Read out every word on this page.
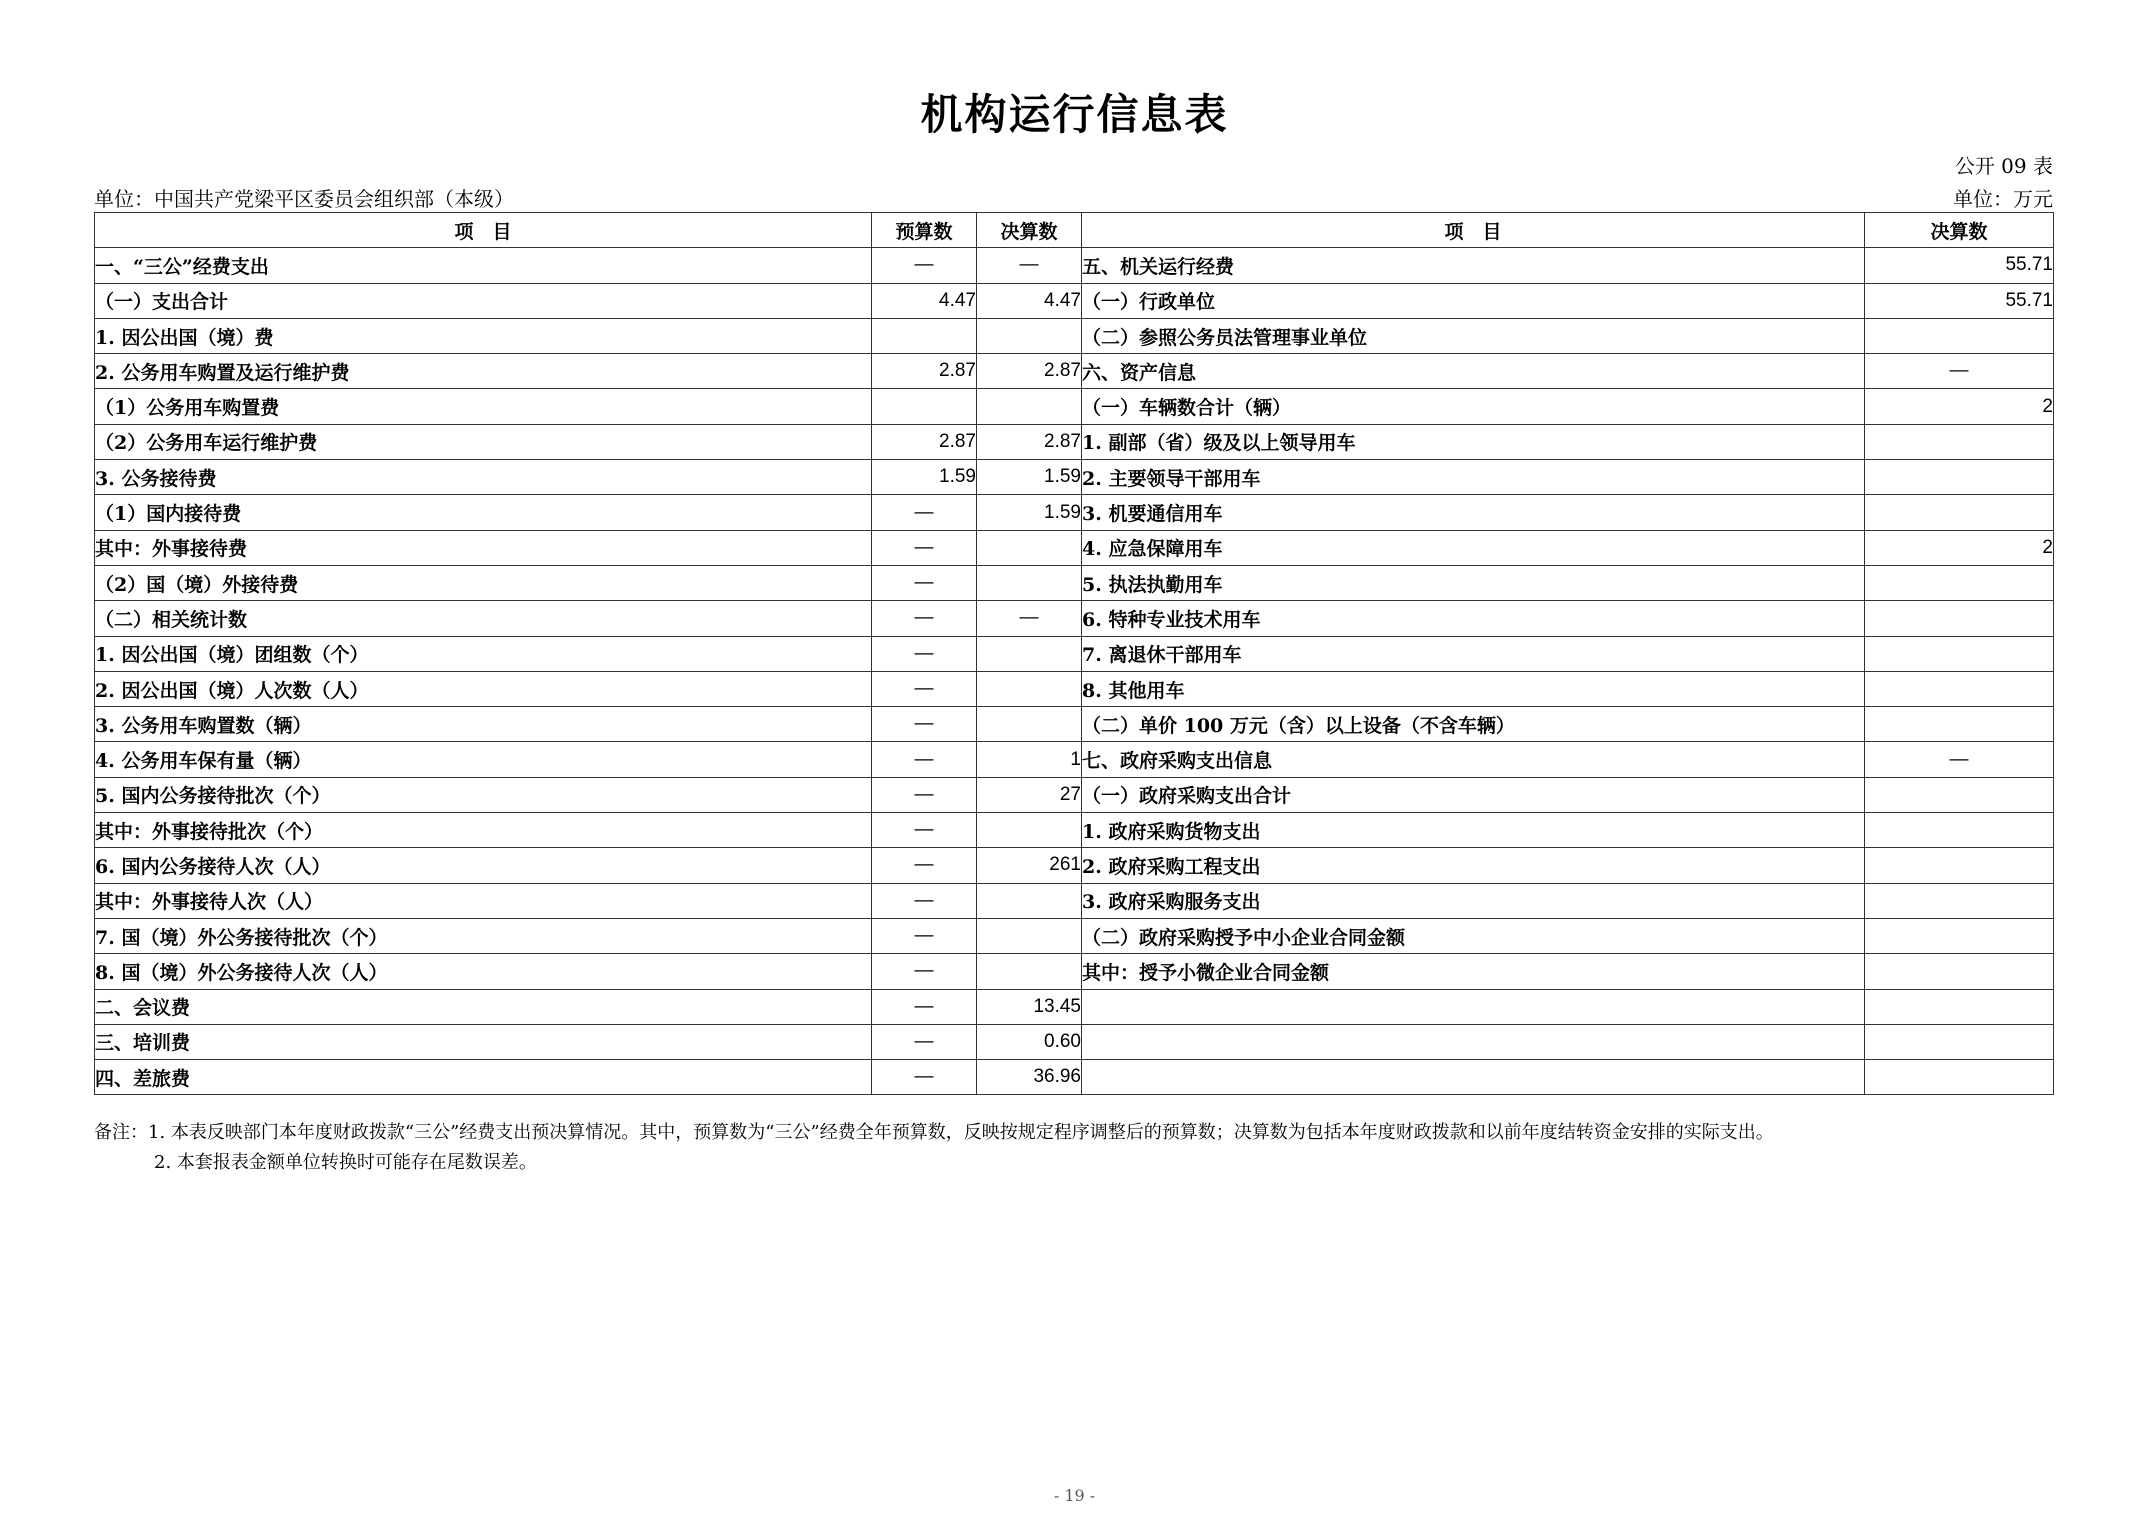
机构运行信息表
公开 09 表
单位：中国共产党梁平区委员会组织部（本级）	单位：万元
项　目	预算数	决算数	项　目	决算数
一、“三公”经费支出	—	—	五、机关运行经费	55.71
（一）支出合计	4.47	4.47	（一）行政单位	55.71
1. 因公出国（境）费			（二）参照公务员法管理事业单位	
2. 公务用车购置及运行维护费	2.87	2.87	六、资产信息	—
（1）公务用车购置费			（一）车辆数合计（辆）	2
（2）公务用车运行维护费	2.87	2.87	1. 副部（省）级及以上领导用车	
3. 公务接待费	1.59	1.59	2. 主要领导干部用车	
（1）国内接待费	—	1.59	3. 机要通信用车	
其中：外事接待费	—		4. 应急保障用车	2
（2）国（境）外接待费	—		5. 执法执勤用车	
（二）相关统计数	—	—	6. 特种专业技术用车	
1. 因公出国（境）团组数（个）	—		7. 离退休干部用车	
2. 因公出国（境）人次数（人）	—		8. 其他用车	
3. 公务用车购置数（辆）	—		（二）单价 100 万元（含）以上设备（不含车辆）	
4. 公务用车保有量（辆）	—	1	七、政府采购支出信息	—
5. 国内公务接待批次（个）	—	27	（一）政府采购支出合计	
其中：外事接待批次（个）	—		1. 政府采购货物支出	
6. 国内公务接待人次（人）	—	261	2. 政府采购工程支出	
其中：外事接待人次（人）	—		3. 政府采购服务支出	
7. 国（境）外公务接待批次（个）	—		（二）政府采购授予中小企业合同金额	
8. 国（境）外公务接待人次（人）	—		其中：授予小微企业合同金额	
二、会议费	—	13.45		
三、培训费	—	0.60		
四、差旅费	—	36.96		
备注：1. 本表反映部门本年度财政拨款“三公”经费支出预决算情况。其中，预算数为“三公”经费全年预算数，反映按规定程序调整后的预算数；决算数为包括本年度财政拨款和以前年度结转资金安排的实际支出。
2. 本套报表金额单位转换时可能存在尾数误差。
- 19 -
